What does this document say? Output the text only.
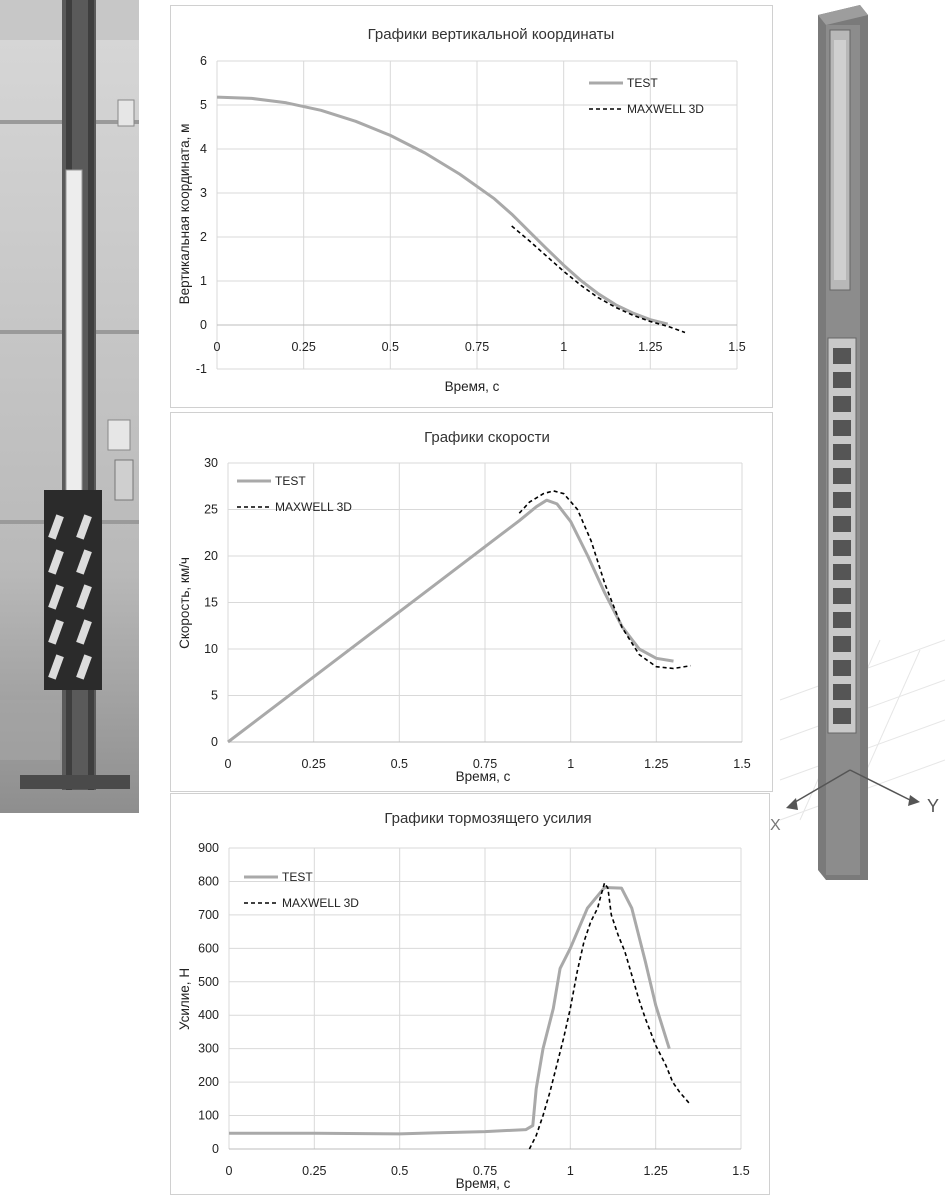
Y
X
-1
0
1
2
3
4
5
6
0	0.25	0.5	0.75	1	1.25	1.5
TEST
MAXWELL 3D
Графики вертикальной координаты
Время, с
Вертикальная координата, м
0
5
10
15
20
25
30
0	0.25	0.5	0.75	1	1.25	1.5
TEST
MAXWELL 3D
Графики скорости
Время, с
Скорость, км/ч
0
100
200
300
400
500
600
700
800
900
0	0.25	0.5	0.75	1	1.25	1.5
TEST
MAXWELL 3D
Графики тормозящего усилия
Время, с
Усилие, Н
